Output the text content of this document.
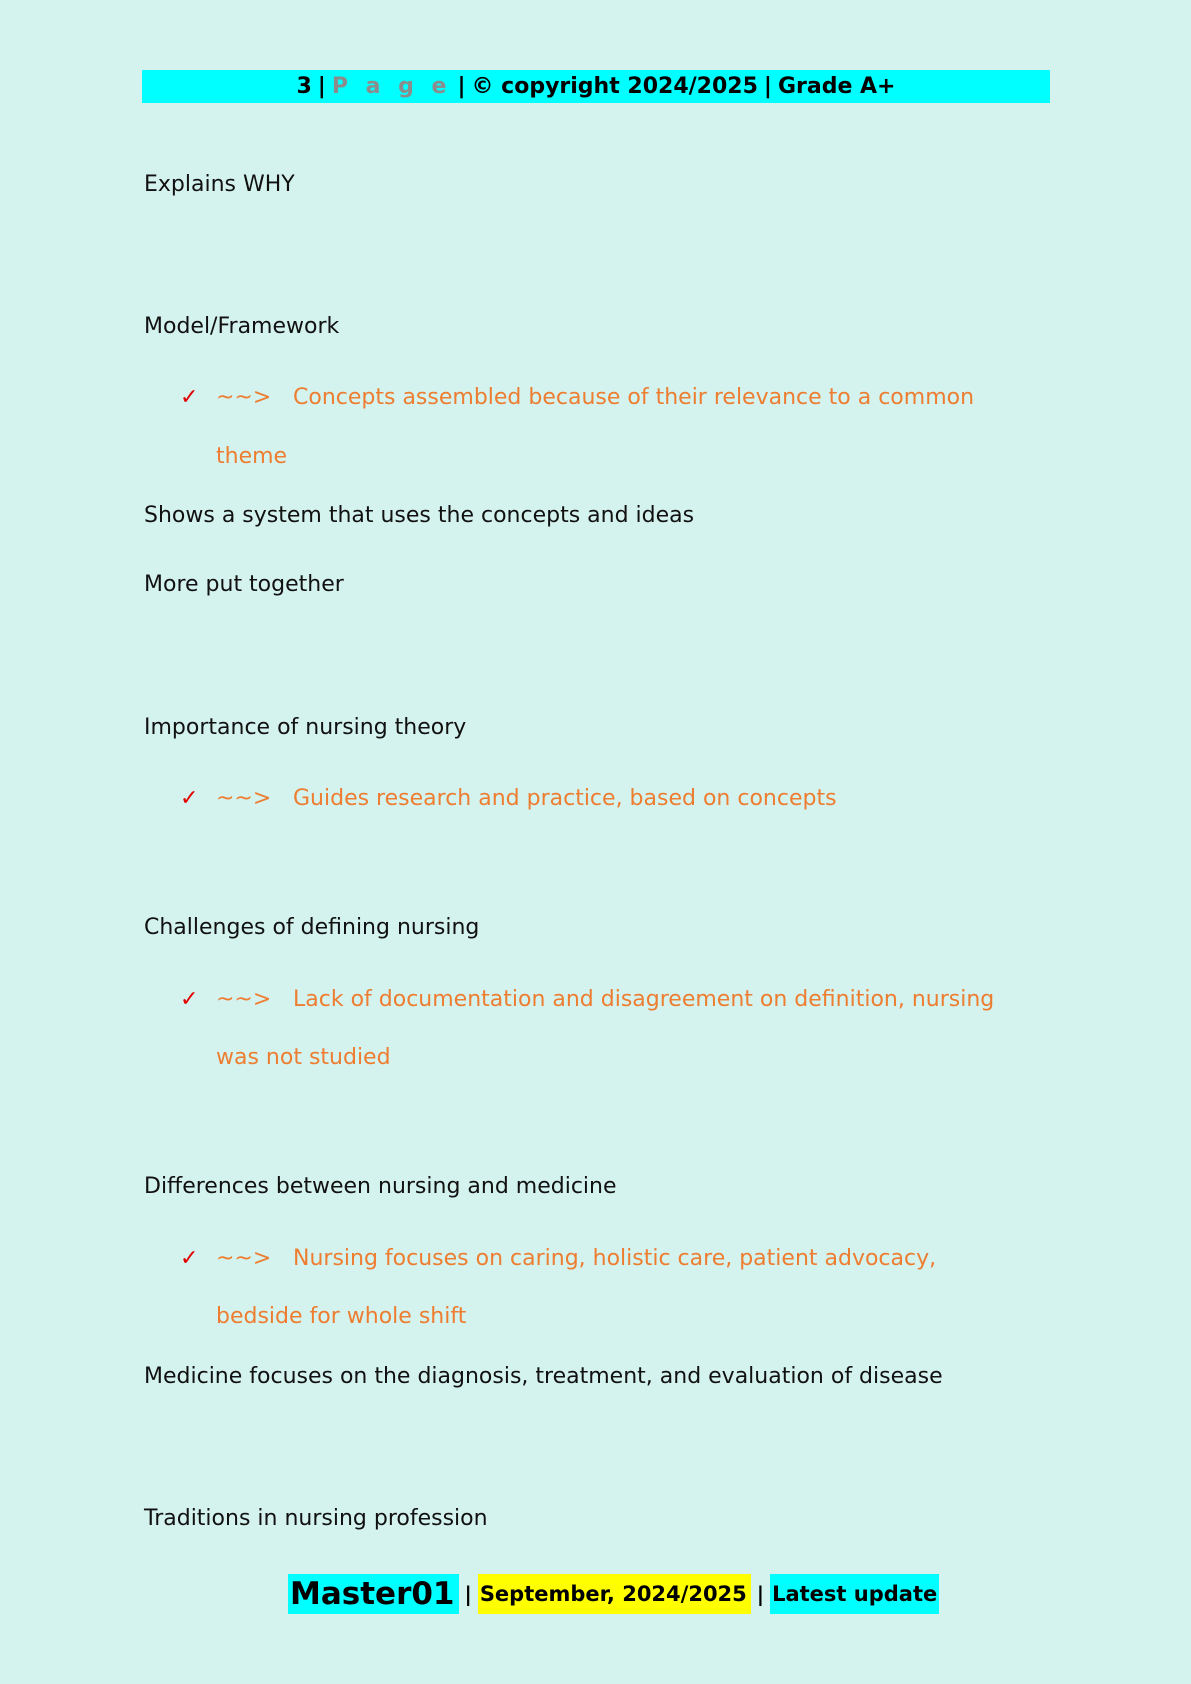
3 | P a g e | © copyright 2024/2025 | Grade A+
Explains WHY
Model/Framework
✓ ~~> Concepts assembled because of their relevance to a common
theme
Shows a system that uses the concepts and ideas
More put together
Importance of nursing theory
✓ ~~> Guides research and practice, based on concepts
Challenges of defining nursing
✓ ~~> Lack of documentation and disagreement on definition, nursing
was not studied
Differences between nursing and medicine
✓ ~~> Nursing focuses on caring, holistic care, patient advocacy,
bedside for whole shift
Medicine focuses on the diagnosis, treatment, and evaluation of disease
Traditions in nursing profession
Master01 | September, 2024/2025 | Latest update
